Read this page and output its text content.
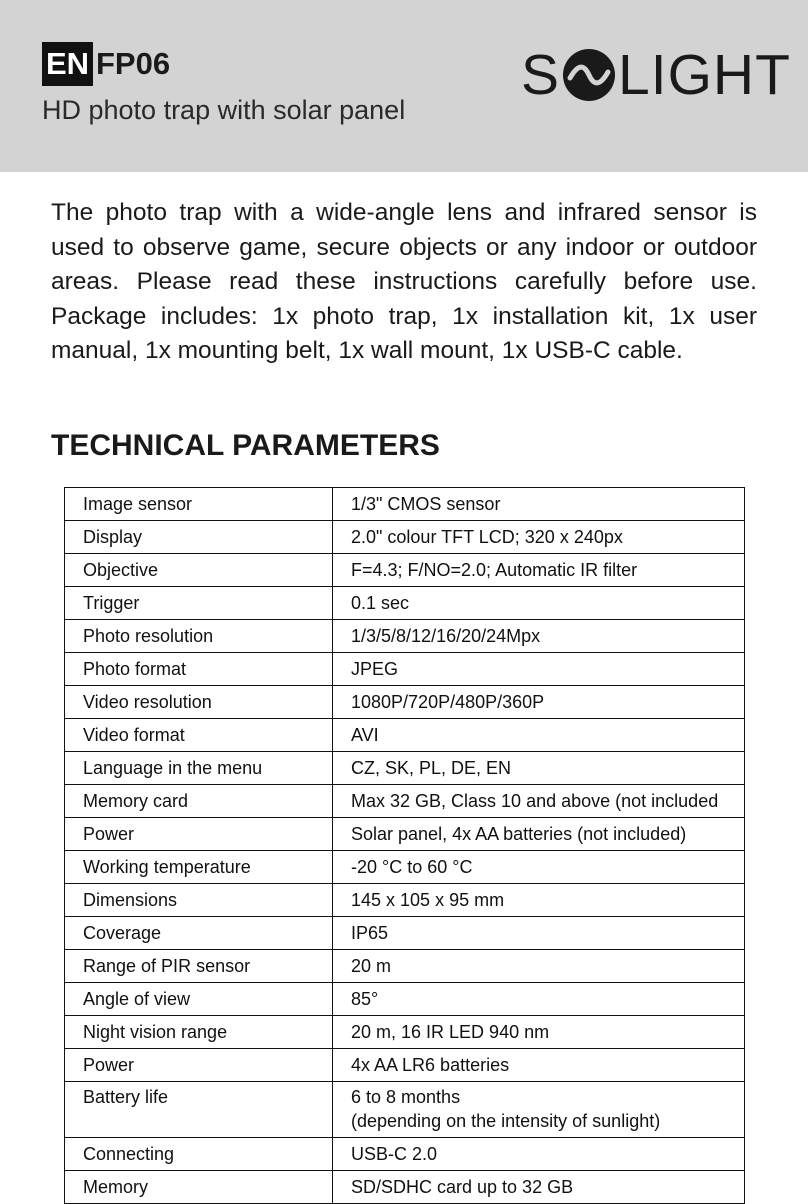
EN FP06
HD photo trap with solar panel
S LIGHT
The photo trap with a wide-angle lens and infrared sensor is used to observe game, secure objects or any indoor or outdoor areas. Please read these instructions carefully before use. Package includes: 1x photo trap, 1x installation kit, 1x user manual, 1x mounting belt, 1x wall mount, 1x USB-C cable.
TECHNICAL PARAMETERS
Image sensor	1/3" CMOS sensor
Display	2.0" colour TFT LCD; 320 x 240px
Objective	F=4.3; F/NO=2.0; Automatic IR filter
Trigger	0.1 sec
Photo resolution	1/3/5/8/12/16/20/24Mpx
Photo format	JPEG
Video resolution	1080P/720P/480P/360P
Video format	AVI
Language in the menu	CZ, SK, PL, DE, EN
Memory card	Max 32 GB, Class 10 and above (not included
Power	Solar panel, 4x AA batteries (not included)
Working temperature	-20 °C to 60 °C
Dimensions	145 x 105 x 95 mm
Coverage	IP65
Range of PIR sensor	20 m
Angle of view	85°
Night vision range	20 m, 16 IR LED 940 nm
Power	4x AA LR6 batteries
Battery life	6 to 8 months
(depending on the intensity of sunlight)

Connecting	USB-C 2.0
Memory	SD/SDHC card up to 32 GB
